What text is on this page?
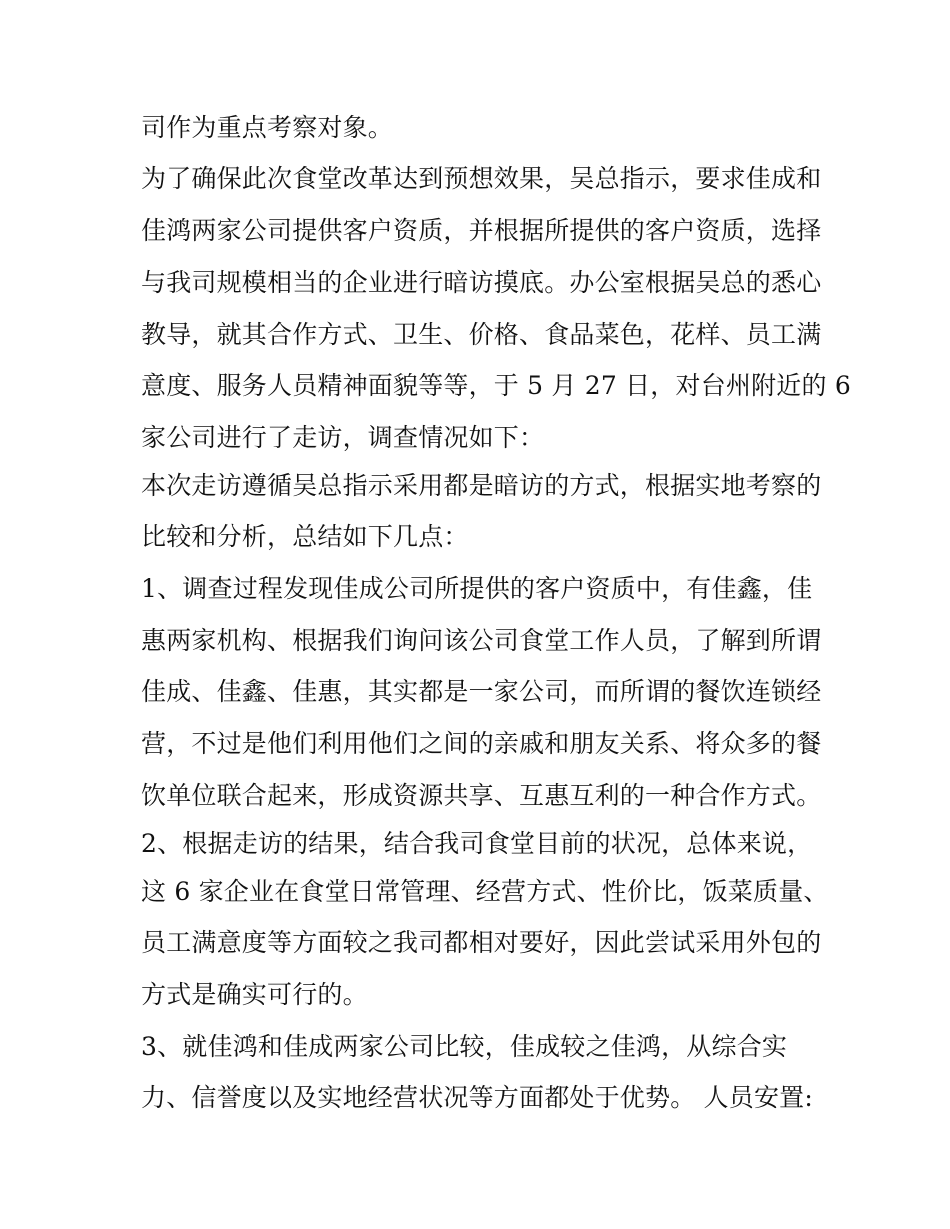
司作为重点考察对象。
为了确保此次食堂改革达到预想效果，吴总指示，要求佳成和
佳鸿两家公司提供客户资质，并根据所提供的客户资质，选择
与我司规模相当的企业进行暗访摸底。办公室根据吴总的悉心
教导，就其合作方式、卫生、价格、食品菜色，花样、员工满
意度、服务人员精神面貌等等，于 5 月 27 日，对台州附近的 6
家公司进行了走访，调查情况如下：
本次走访遵循吴总指示采用都是暗访的方式，根据实地考察的
比较和分析，总结如下几点：
1、调查过程发现佳成公司所提供的客户资质中，有佳鑫，佳
惠两家机构、根据我们询问该公司食堂工作人员，了解到所谓
佳成、佳鑫、佳惠，其实都是一家公司，而所谓的餐饮连锁经
营，不过是他们利用他们之间的亲戚和朋友关系、将众多的餐
饮单位联合起来，形成资源共享、互惠互利的一种合作方式。
2、根据走访的结果，结合我司食堂目前的状况，总体来说，
这 6 家企业在食堂日常管理、经营方式、性价比，饭菜质量、
员工满意度等方面较之我司都相对要好，因此尝试采用外包的
方式是确实可行的。
3、就佳鸿和佳成两家公司比较，佳成较之佳鸿，从综合实
力、信誉度以及实地经营状况等方面都处于优势。 人员安置:
